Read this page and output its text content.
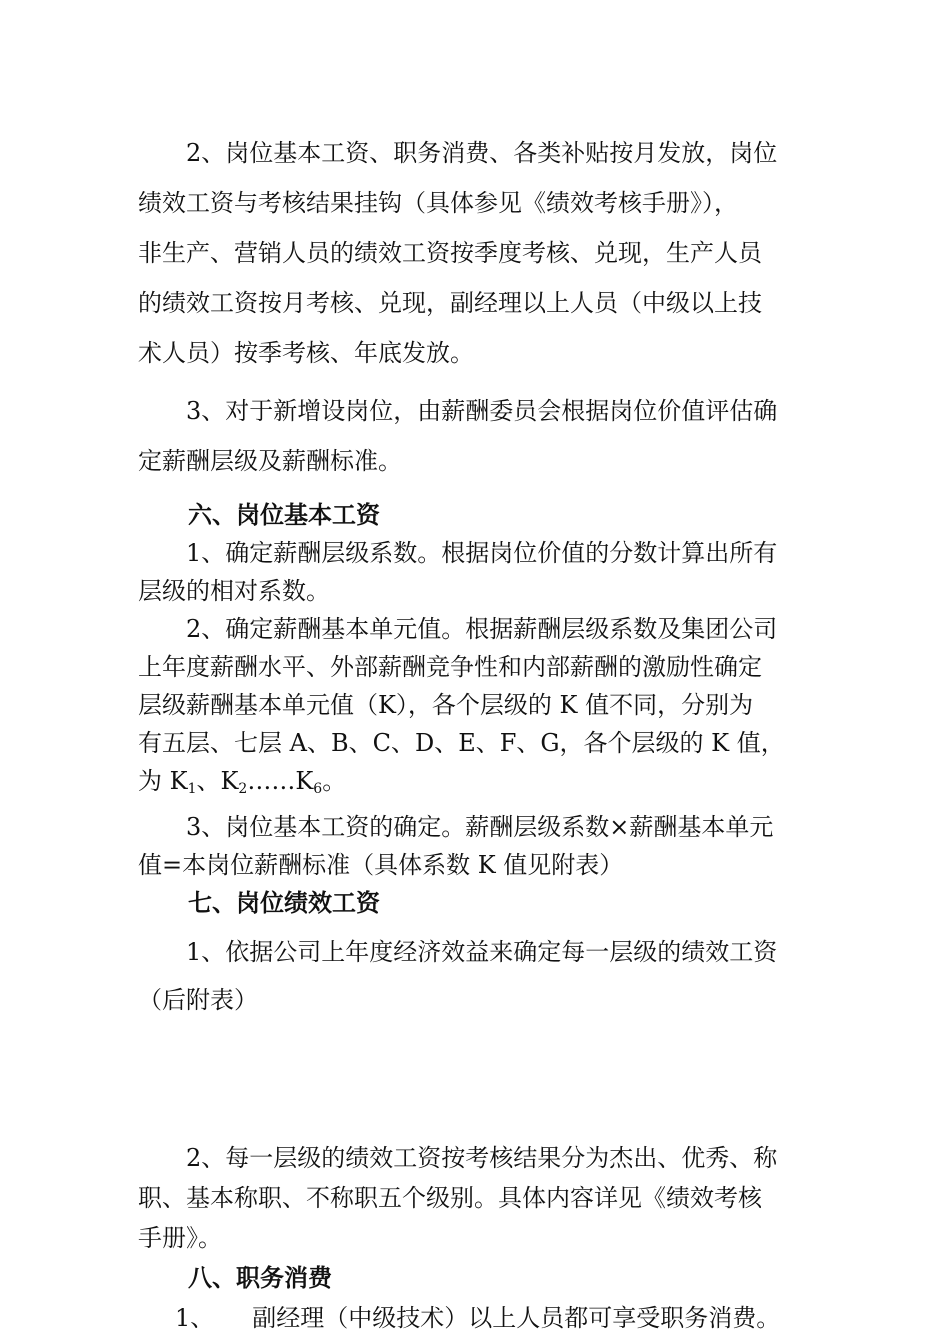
2、岗位基本工资、职务消费、各类补贴按月发放，岗位
绩效工资与考核结果挂钩（具体参见《绩效考核手册》），
非生产、营销人员的绩效工资按季度考核、兑现，生产人员
的绩效工资按月考核、兑现，副经理以上人员（中级以上技
术人员）按季考核、年底发放。
3、对于新增设岗位，由薪酬委员会根据岗位价值评估确
定薪酬层级及薪酬标准。
六、岗位基本工资
1、确定薪酬层级系数。根据岗位价值的分数计算出所有
层级的相对系数。
2、确定薪酬基本单元值。根据薪酬层级系数及集团公司
上年度薪酬水平、外部薪酬竞争性和内部薪酬的激励性确定
层级薪酬基本单元值（K），各个层级的 K 值不同，分别为
有五层、七层 A、B、C、D、E、F、G，各个层级的 K 值，
为 $K_1$、$K_2\dots\dots K_6$。
3、岗位基本工资的确定。薪酬层级系数×薪酬基本单元
值=本岗位薪酬标准（具体系数 K 值见附表）
七、岗位绩效工资
1、依据公司上年度经济效益来确定每一层级的绩效工资
（后附表）
2、每一层级的绩效工资按考核结果分为杰出、优秀、称
职、基本称职、不称职五个级别。具体内容详见《绩效考核
手册》。
八、职务消费
1、 副经理（中级技术）以上人员都可享受职务消费。
